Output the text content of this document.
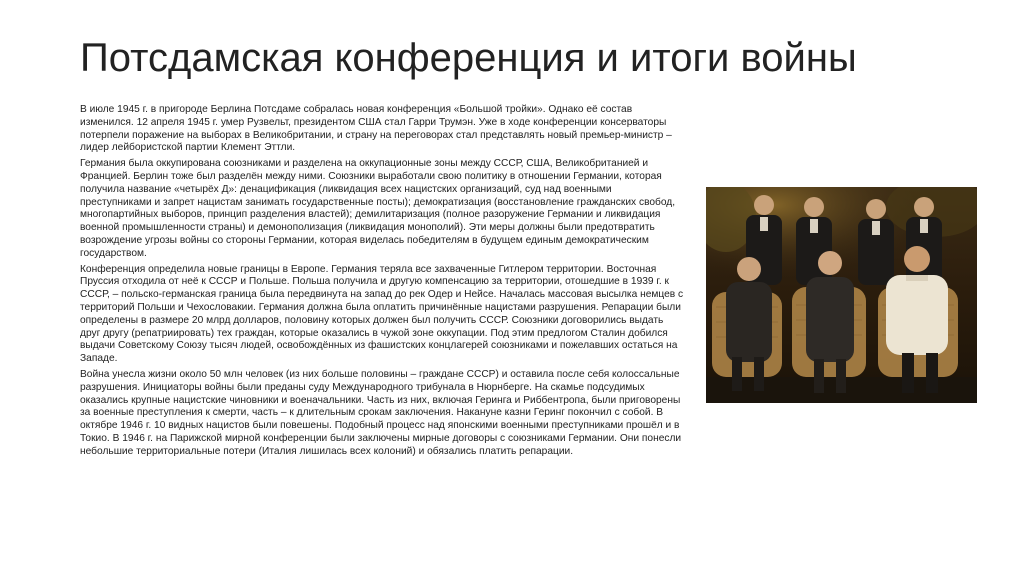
Потсдамская конференция и итоги войны

В июле 1945 г. в пригороде Берлина Потсдаме собралась новая конференция «Большой тройки». Однако её состав изменился. 12 апреля 1945 г. умер Рузвельт, президентом США стал Гарри Трумэн. Уже в ходе конференции консерваторы потерпели поражение на выборах в Великобритании, и страну на переговорах стал представлять новый премьер-министр – лидер лейбористской партии Клемент Эттли.

Германия была оккупирована союзниками и разделена на оккупационные зоны между СССР, США, Великобританией и Францией. Берлин тоже был разделён между ними. Союзники выработали свою политику в отношении Германии, которая получила название «четырёх Д»: денацификация (ликвидация всех нацистских организаций, суд над военными преступниками и запрет нацистам занимать государственные посты); демократизация (восстановление гражданских свобод, многопартийных выборов, принцип разделения властей); демилитаризация (полное разоружение Германии и ликвидация военной промышленности страны) и демонополизация (ликвидация монополий). Эти меры должны были предотвратить возрождение угрозы войны со стороны Германии, которая виделась победителям в будущем единым демократическим государством.

Конференция определила новые границы в Европе. Германия теряла все захваченные Гитлером территории. Восточная Пруссия отходила от неё к СССР и Польше. Польша получила и другую компенсацию за территории, отошедшие в 1939 г. к СССР, – польско-германская граница была передвинута на запад до рек Одер и Нейсе. Началась массовая высылка немцев с территорий Польши и Чехословакии. Германия должна была оплатить причинённые нацистами разрушения. Репарации были определены в размере 20 млрд долларов, половину которых должен был получить СССР. Союзники договорились выдать друг другу (репатриировать) тех граждан, которые оказались в чужой зоне оккупации. Под этим предлогом Сталин добился выдачи Советскому Союзу тысяч людей, освобождённых из фашистских концлагерей союзниками и пожелавших остаться на Западе.

Война унесла жизни около 50 млн человек (из них больше половины – граждане СССР) и оставила после себя колоссальные разрушения. Инициаторы войны были преданы суду Международного трибунала в Нюрнберге. На скамье подсудимых оказались крупные нацистские чиновники и военачальники. Часть из них, включая Геринга и Риббентропа, были приговорены за военные преступления к смерти, часть – к длительным срокам заключения. Накануне казни Геринг покончил с собой. В октябре 1946 г. 10 видных нацистов были повешены. Подобный процесс над японскими военными преступниками прошёл и в Токио. В 1946 г. на Парижской мирной конференции были заключены мирные договоры с союзниками Германии. Они понесли небольшие территориальные потери (Италия лишилась всех колоний) и обязались платить репарации.
